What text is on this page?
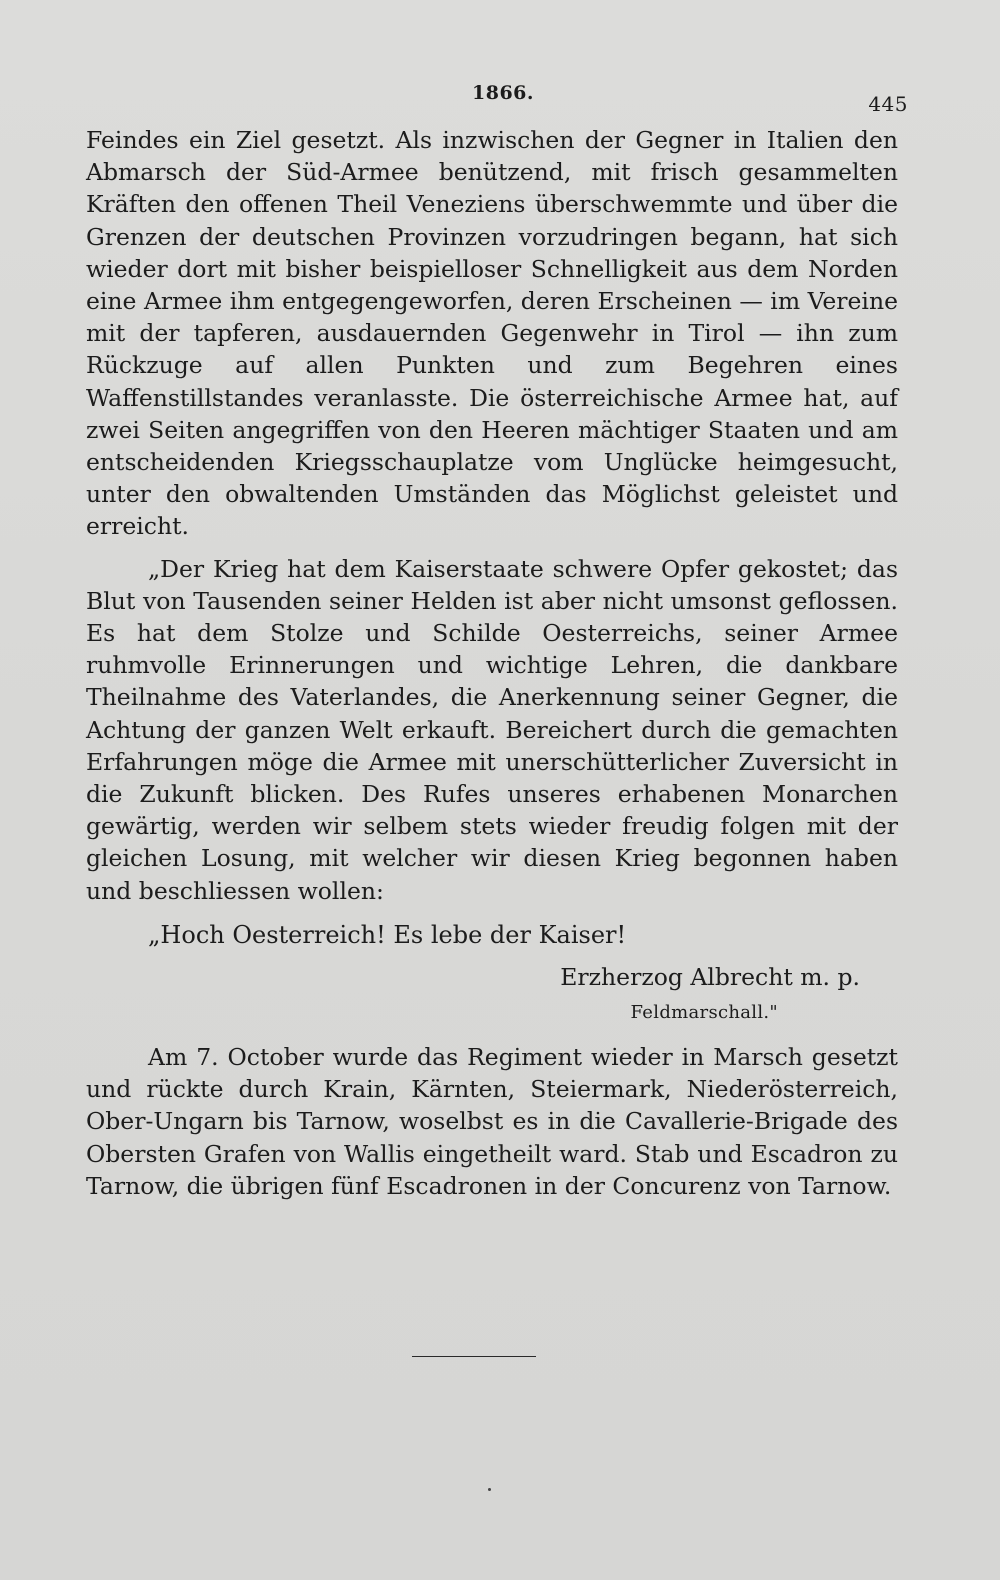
1866.	445

Feindes ein Ziel gesetzt. Als inzwischen der Gegner in Italien den Abmarsch der Süd-Armee benützend, mit frisch gesammelten Kräften den offenen Theil Veneziens überschwemmte und über die Grenzen der deutschen Provinzen vorzudringen begann, hat sich wieder dort mit bisher beispielloser Schnelligkeit aus dem Norden eine Armee ihm entgegengeworfen, deren Erscheinen — im Vereine mit der tapferen, ausdauernden Gegenwehr in Tirol — ihn zum Rückzuge auf allen Punkten und zum Begehren eines Waffenstillstandes veranlasste. Die österreichische Armee hat, auf zwei Seiten angegriffen von den Heeren mächtiger Staaten und am entscheidenden Kriegsschauplatze vom Unglücke heimgesucht, unter den obwaltenden Umständen das Möglichst geleistet und erreicht.

„Der Krieg hat dem Kaiserstaate schwere Opfer gekostet; das Blut von Tausenden seiner Helden ist aber nicht umsonst geflossen. Es hat dem Stolze und Schilde Oesterreichs, seiner Armee ruhmvolle Erinnerungen und wichtige Lehren, die dankbare Theilnahme des Vaterlandes, die Anerkennung seiner Gegner, die Achtung der ganzen Welt erkauft. Bereichert durch die gemachten Erfahrungen möge die Armee mit unerschütterlicher Zuversicht in die Zukunft blicken. Des Rufes unseres erhabenen Monarchen gewärtig, werden wir selbem stets wieder freudig folgen mit der gleichen Losung, mit welcher wir diesen Krieg begonnen haben und beschliessen wollen:

„Hoch Oesterreich! Es lebe der Kaiser!

Erzherzog Albrecht m. p.
Feldmarschall."

Am 7. October wurde das Regiment wieder in Marsch gesetzt und rückte durch Krain, Kärnten, Steiermark, Niederösterreich, Ober-Ungarn bis Tarnow, woselbst es in die Cavallerie-Brigade des Obersten Grafen von Wallis eingetheilt ward. Stab und Escadron zu Tarnow, die übrigen fünf Escadronen in der Concurenz von Tarnow.
